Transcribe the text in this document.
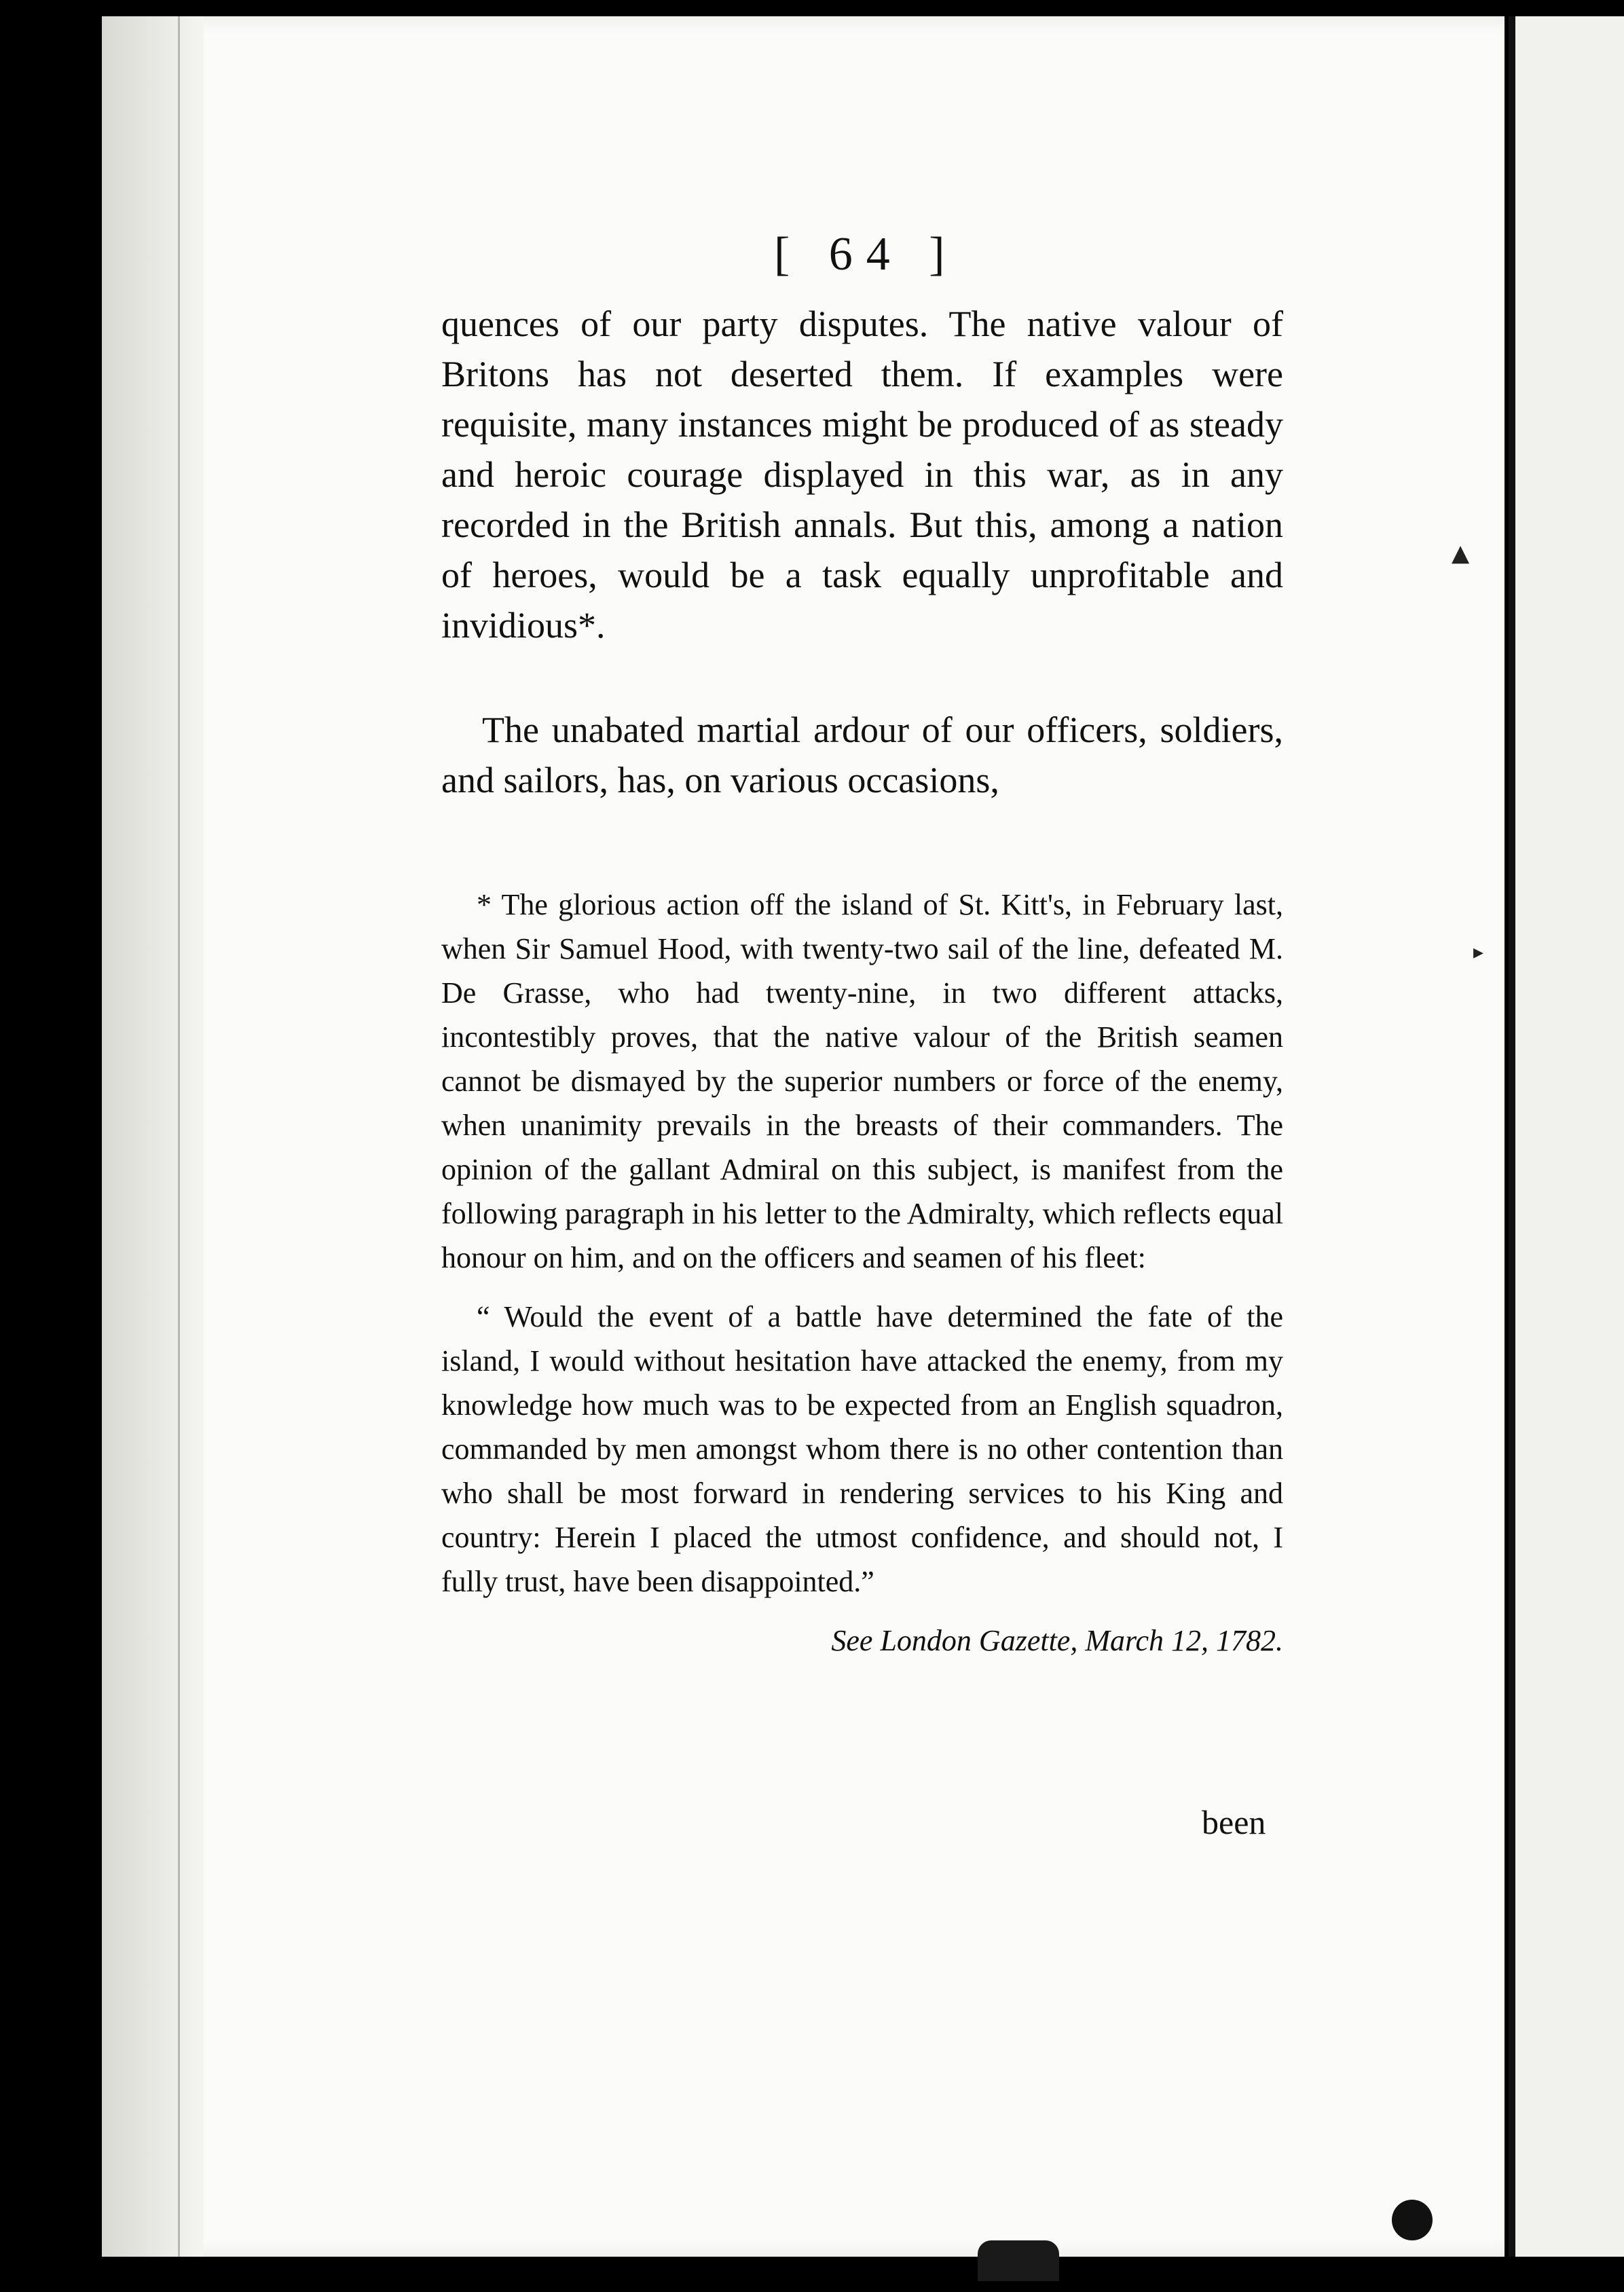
[ 64 ]

quences of our party disputes. The native valour of Britons has not deserted them. If examples were requisite, many instances might be produced of as steady and heroic courage displayed in this war, as in any recorded in the British annals. But this, among a nation of heroes, would be a task equally unprofitable and invidious*.

The unabated martial ardour of our officers, soldiers, and sailors, has, on various occasions,

* The glorious action off the island of St. Kitt's, in February last, when Sir Samuel Hood, with twenty-two sail of the line, defeated M. De Grasse, who had twenty-nine, in two different attacks, incontestibly proves, that the native valour of the British seamen cannot be dismayed by the superior numbers or force of the enemy, when unanimity prevails in the breasts of their commanders. The opinion of the gallant Admiral on this subject, is manifest from the following paragraph in his letter to the Admiralty, which reflects equal honour on him, and on the officers and seamen of his fleet:

“ Would the event of a battle have determined the fate of the island, I would without hesitation have attacked the enemy, from my knowledge how much was to be expected from an English squadron, commanded by men amongst whom there is no other contention than who shall be most forward in rendering services to his King and country: Herein I placed the utmost confidence, and should not, I fully trust, have been disappointed.”

See London Gazette, March 12, 1782.

been
▲
▸
